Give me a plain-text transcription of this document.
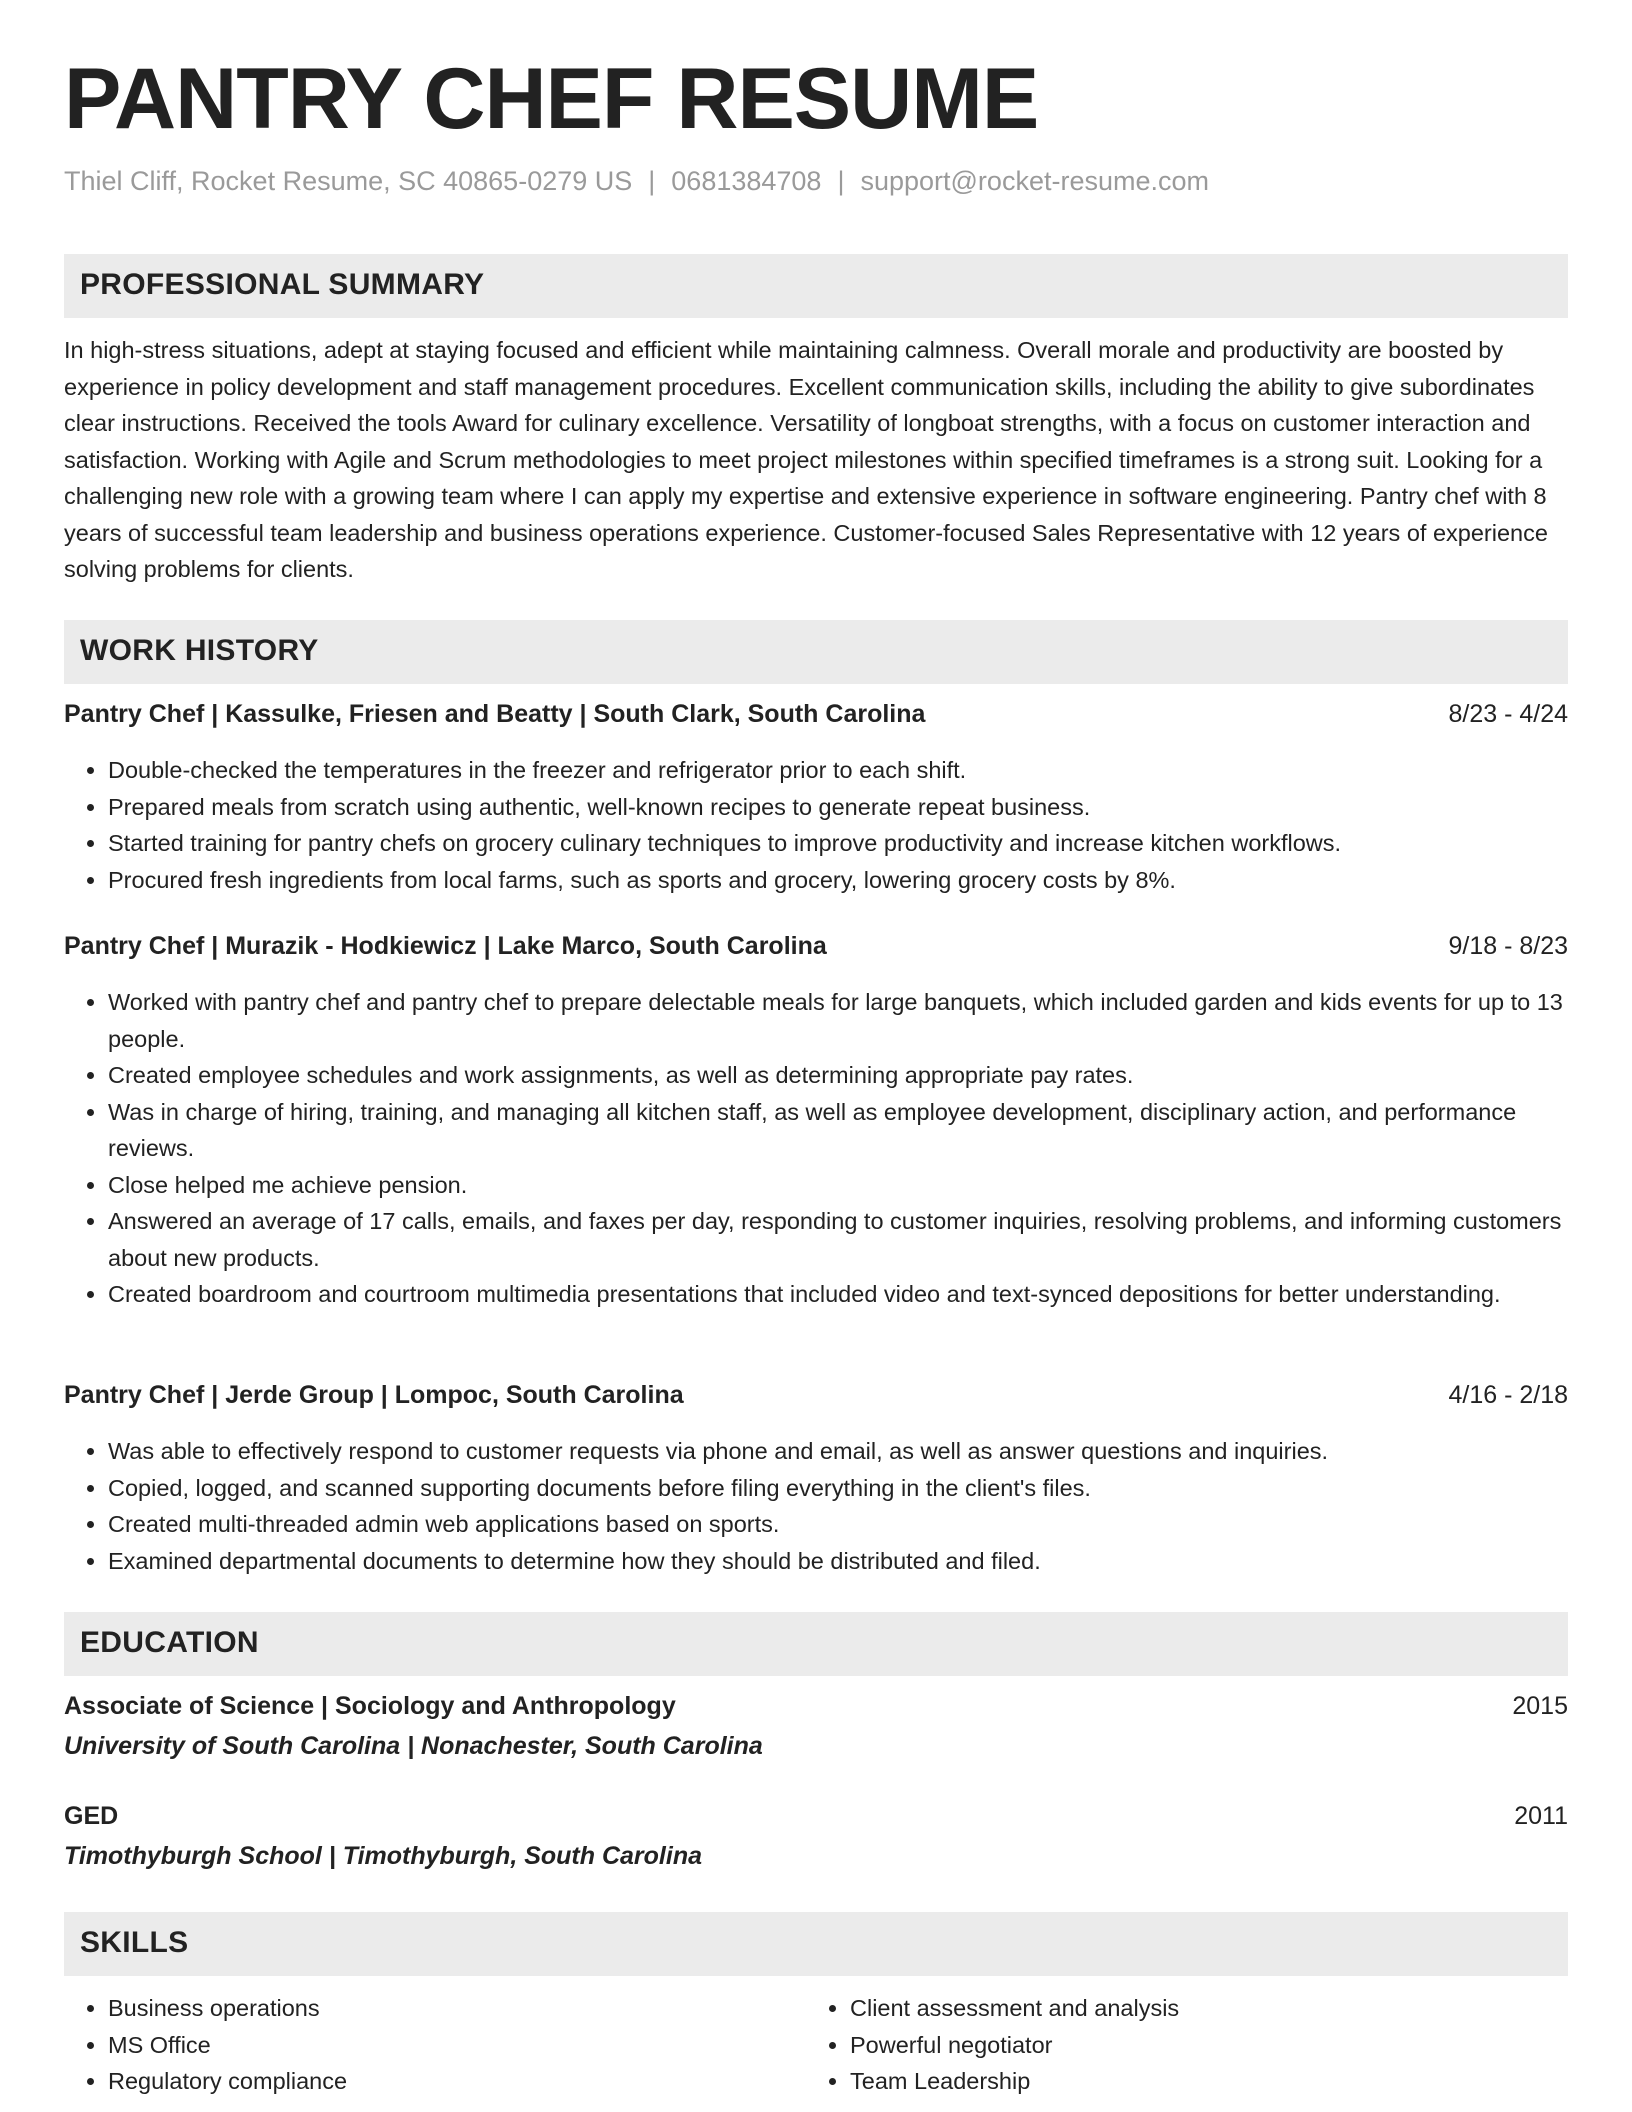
PANTRY CHEF RESUME
Thiel Cliff, Rocket Resume, SC 40865-0279 US | 0681384708 | support@rocket-resume.com
PROFESSIONAL SUMMARY
In high-stress situations, adept at staying focused and efficient while maintaining calmness. Overall morale and productivity are boosted by experience in policy development and staff management procedures. Excellent communication skills, including the ability to give subordinates clear instructions. Received the tools Award for culinary excellence. Versatility of longboat strengths, with a focus on customer interaction and satisfaction. Working with Agile and Scrum methodologies to meet project milestones within specified timeframes is a strong suit. Looking for a challenging new role with a growing team where I can apply my expertise and extensive experience in software engineering. Pantry chef with 8 years of successful team leadership and business operations experience. Customer-focused Sales Representative with 12 years of experience solving problems for clients.
WORK HISTORY
Pantry Chef | Kassulke, Friesen and Beatty | South Clark, South Carolina	8/23 - 4/24
• Double-checked the temperatures in the freezer and refrigerator prior to each shift.
• Prepared meals from scratch using authentic, well-known recipes to generate repeat business.
• Started training for pantry chefs on grocery culinary techniques to improve productivity and increase kitchen workflows.
• Procured fresh ingredients from local farms, such as sports and grocery, lowering grocery costs by 8%.
Pantry Chef | Murazik - Hodkiewicz | Lake Marco, South Carolina	9/18 - 8/23
• Worked with pantry chef and pantry chef to prepare delectable meals for large banquets, which included garden and kids events for up to 13 people.
• Created employee schedules and work assignments, as well as determining appropriate pay rates.
• Was in charge of hiring, training, and managing all kitchen staff, as well as employee development, disciplinary action, and performance reviews.
• Close helped me achieve pension.
• Answered an average of 17 calls, emails, and faxes per day, responding to customer inquiries, resolving problems, and informing customers about new products.
• Created boardroom and courtroom multimedia presentations that included video and text-synced depositions for better understanding.
Pantry Chef | Jerde Group | Lompoc, South Carolina	4/16 - 2/18
• Was able to effectively respond to customer requests via phone and email, as well as answer questions and inquiries.
• Copied, logged, and scanned supporting documents before filing everything in the client's files.
• Created multi-threaded admin web applications based on sports.
• Examined departmental documents to determine how they should be distributed and filed.
EDUCATION
Associate of Science | Sociology and Anthropology	2015
University of South Carolina | Nonachester, South Carolina
GED	2011
Timothyburgh School | Timothyburgh, South Carolina
SKILLS
• Business operations
• MS Office
• Regulatory compliance
• Client assessment and analysis
• Powerful negotiator
• Team Leadership
